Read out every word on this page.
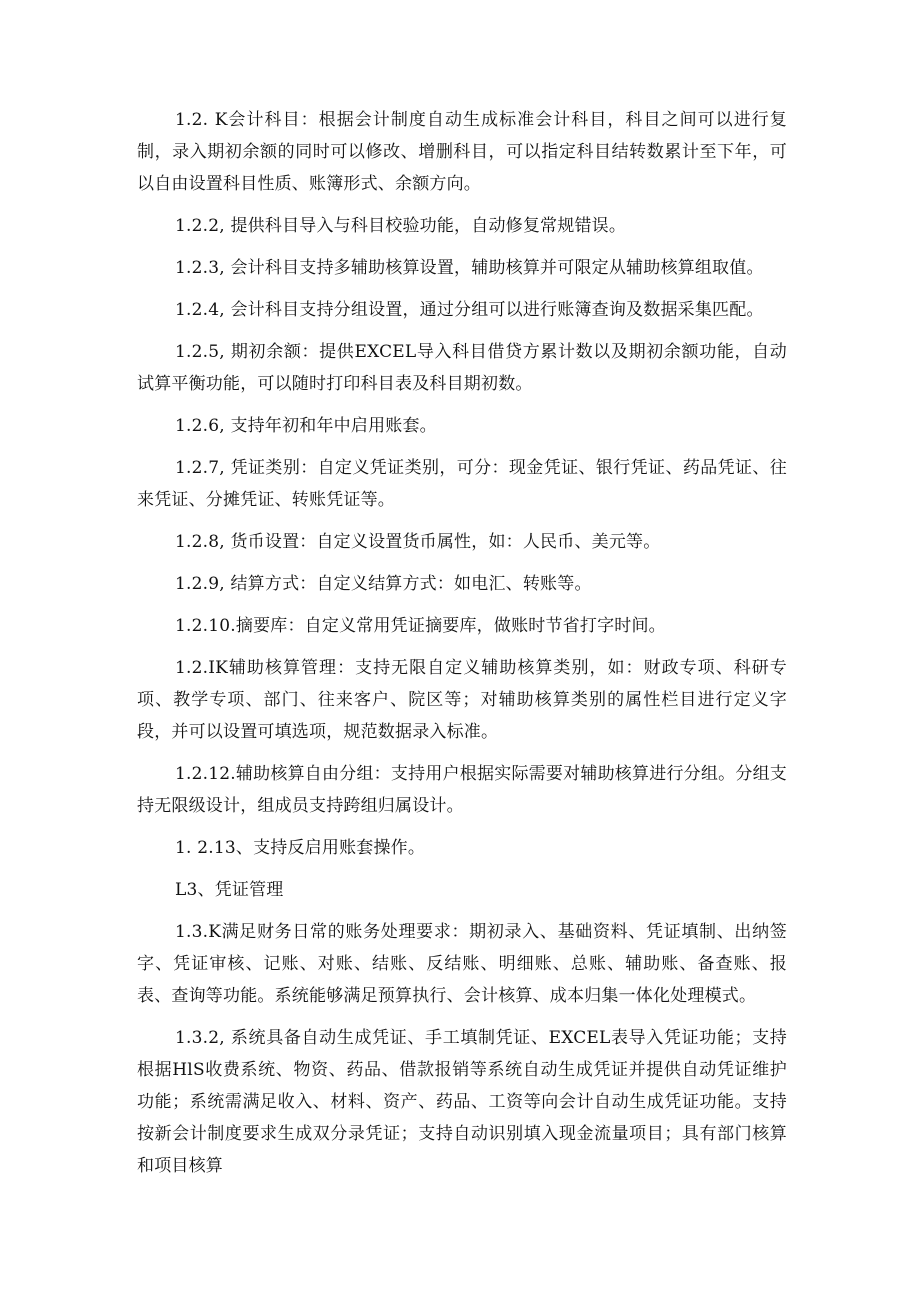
1.2. K会计科目：根据会计制度自动生成标准会计科目，科目之间可以进行复制，录入期初余额的同时可以修改、增删科目，可以指定科目结转数累计至下年，可以自由设置科目性质、账簿形式、余额方向。

1.2.2, 提供科目导入与科目校验功能，自动修复常规错误。

1.2.3, 会计科目支持多辅助核算设置，辅助核算并可限定从辅助核算组取值。

1.2.4, 会计科目支持分组设置，通过分组可以进行账簿查询及数据采集匹配。

1.2.5, 期初余额：提供EXCEL导入科目借贷方累计数以及期初余额功能，自动试算平衡功能，可以随时打印科目表及科目期初数。

1.2.6, 支持年初和年中启用账套。

1.2.7, 凭证类别：自定义凭证类别，可分：现金凭证、银行凭证、药品凭证、往来凭证、分摊凭证、转账凭证等。

1.2.8, 货币设置：自定义设置货币属性，如：人民币、美元等。

1.2.9, 结算方式：自定义结算方式：如电汇、转账等。

1.2.10.摘要库：自定义常用凭证摘要库，做账时节省打字时间。

1.2.IK辅助核算管理：支持无限自定义辅助核算类别，如：财政专项、科研专项、教学专项、部门、往来客户、院区等；对辅助核算类别的属性栏目进行定义字段，并可以设置可填选项，规范数据录入标准。

1.2.12.辅助核算自由分组：支持用户根据实际需要对辅助核算进行分组。分组支持无限级设计，组成员支持跨组归属设计。

1. 2.13、支持反启用账套操作。

L3、凭证管理

1.3.K满足财务日常的账务处理要求：期初录入、基础资料、凭证填制、出纳签字、凭证审核、记账、对账、结账、反结账、明细账、总账、辅助账、备查账、报表、查询等功能。系统能够满足预算执行、会计核算、成本归集一体化处理模式。

1.3.2, 系统具备自动生成凭证、手工填制凭证、EXCEL表导入凭证功能；支持根据HlS收费系统、物资、药品、借款报销等系统自动生成凭证并提供自动凭证维护功能；系统需满足收入、材料、资产、药品、工资等向会计自动生成凭证功能。支持按新会计制度要求生成双分录凭证；支持自动识别填入现金流量项目；具有部门核算和项目核算
